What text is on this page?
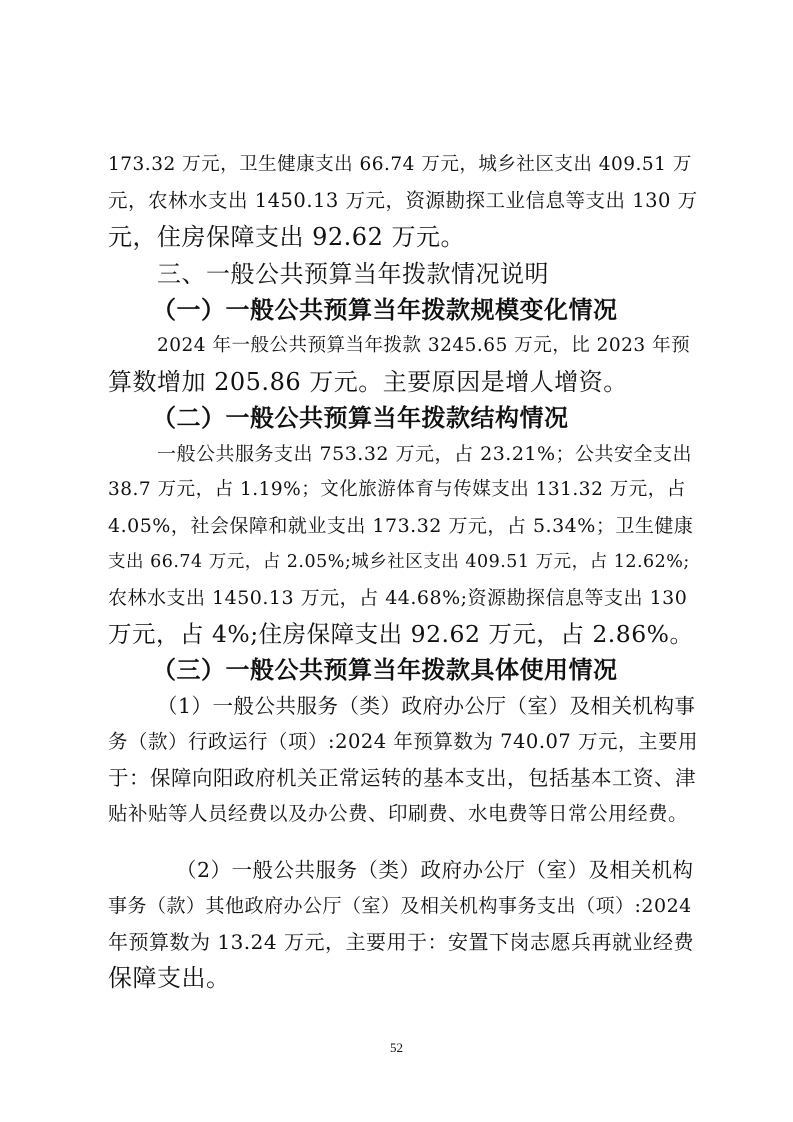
173.32 万元，卫生健康支出 66.74 万元，城乡社区支出 409.51 万
元，农林水支出 1450.13 万元，资源勘探工业信息等支出 130 万
元，住房保障支出 92.62 万元。
三、一般公共预算当年拨款情况说明
（一）一般公共预算当年拨款规模变化情况
2024 年一般公共预算当年拨款 3245.65 万元，比 2023 年预
算数增加 205.86 万元。主要原因是增人增资。
（二）一般公共预算当年拨款结构情况
一般公共服务支出 753.32 万元，占 23.21%；公共安全支出
38.7 万元，占 1.19%；文化旅游体育与传媒支出 131.32 万元，占
4.05%，社会保障和就业支出 173.32 万元，占 5.34%；卫生健康
支出 66.74 万元，占 2.05%;城乡社区支出 409.51 万元，占 12.62%;
农林水支出 1450.13 万元，占 44.68%;资源勘探信息等支出 130
万元，占 4%;住房保障支出 92.62 万元，占 2.86%。
（三）一般公共预算当年拨款具体使用情况
（1）一般公共服务（类）政府办公厅（室）及相关机构事
务（款）行政运行（项）:2024 年预算数为 740.07 万元，主要用
于：保障向阳政府机关正常运转的基本支出，包括基本工资、津
贴补贴等人员经费以及办公费、印刷费、水电费等日常公用经费。
（2）一般公共服务（类）政府办公厅（室）及相关机构
事务（款）其他政府办公厅（室）及相关机构事务支出（项）:2024
年预算数为 13.24 万元，主要用于：安置下岗志愿兵再就业经费
保障支出。
52
